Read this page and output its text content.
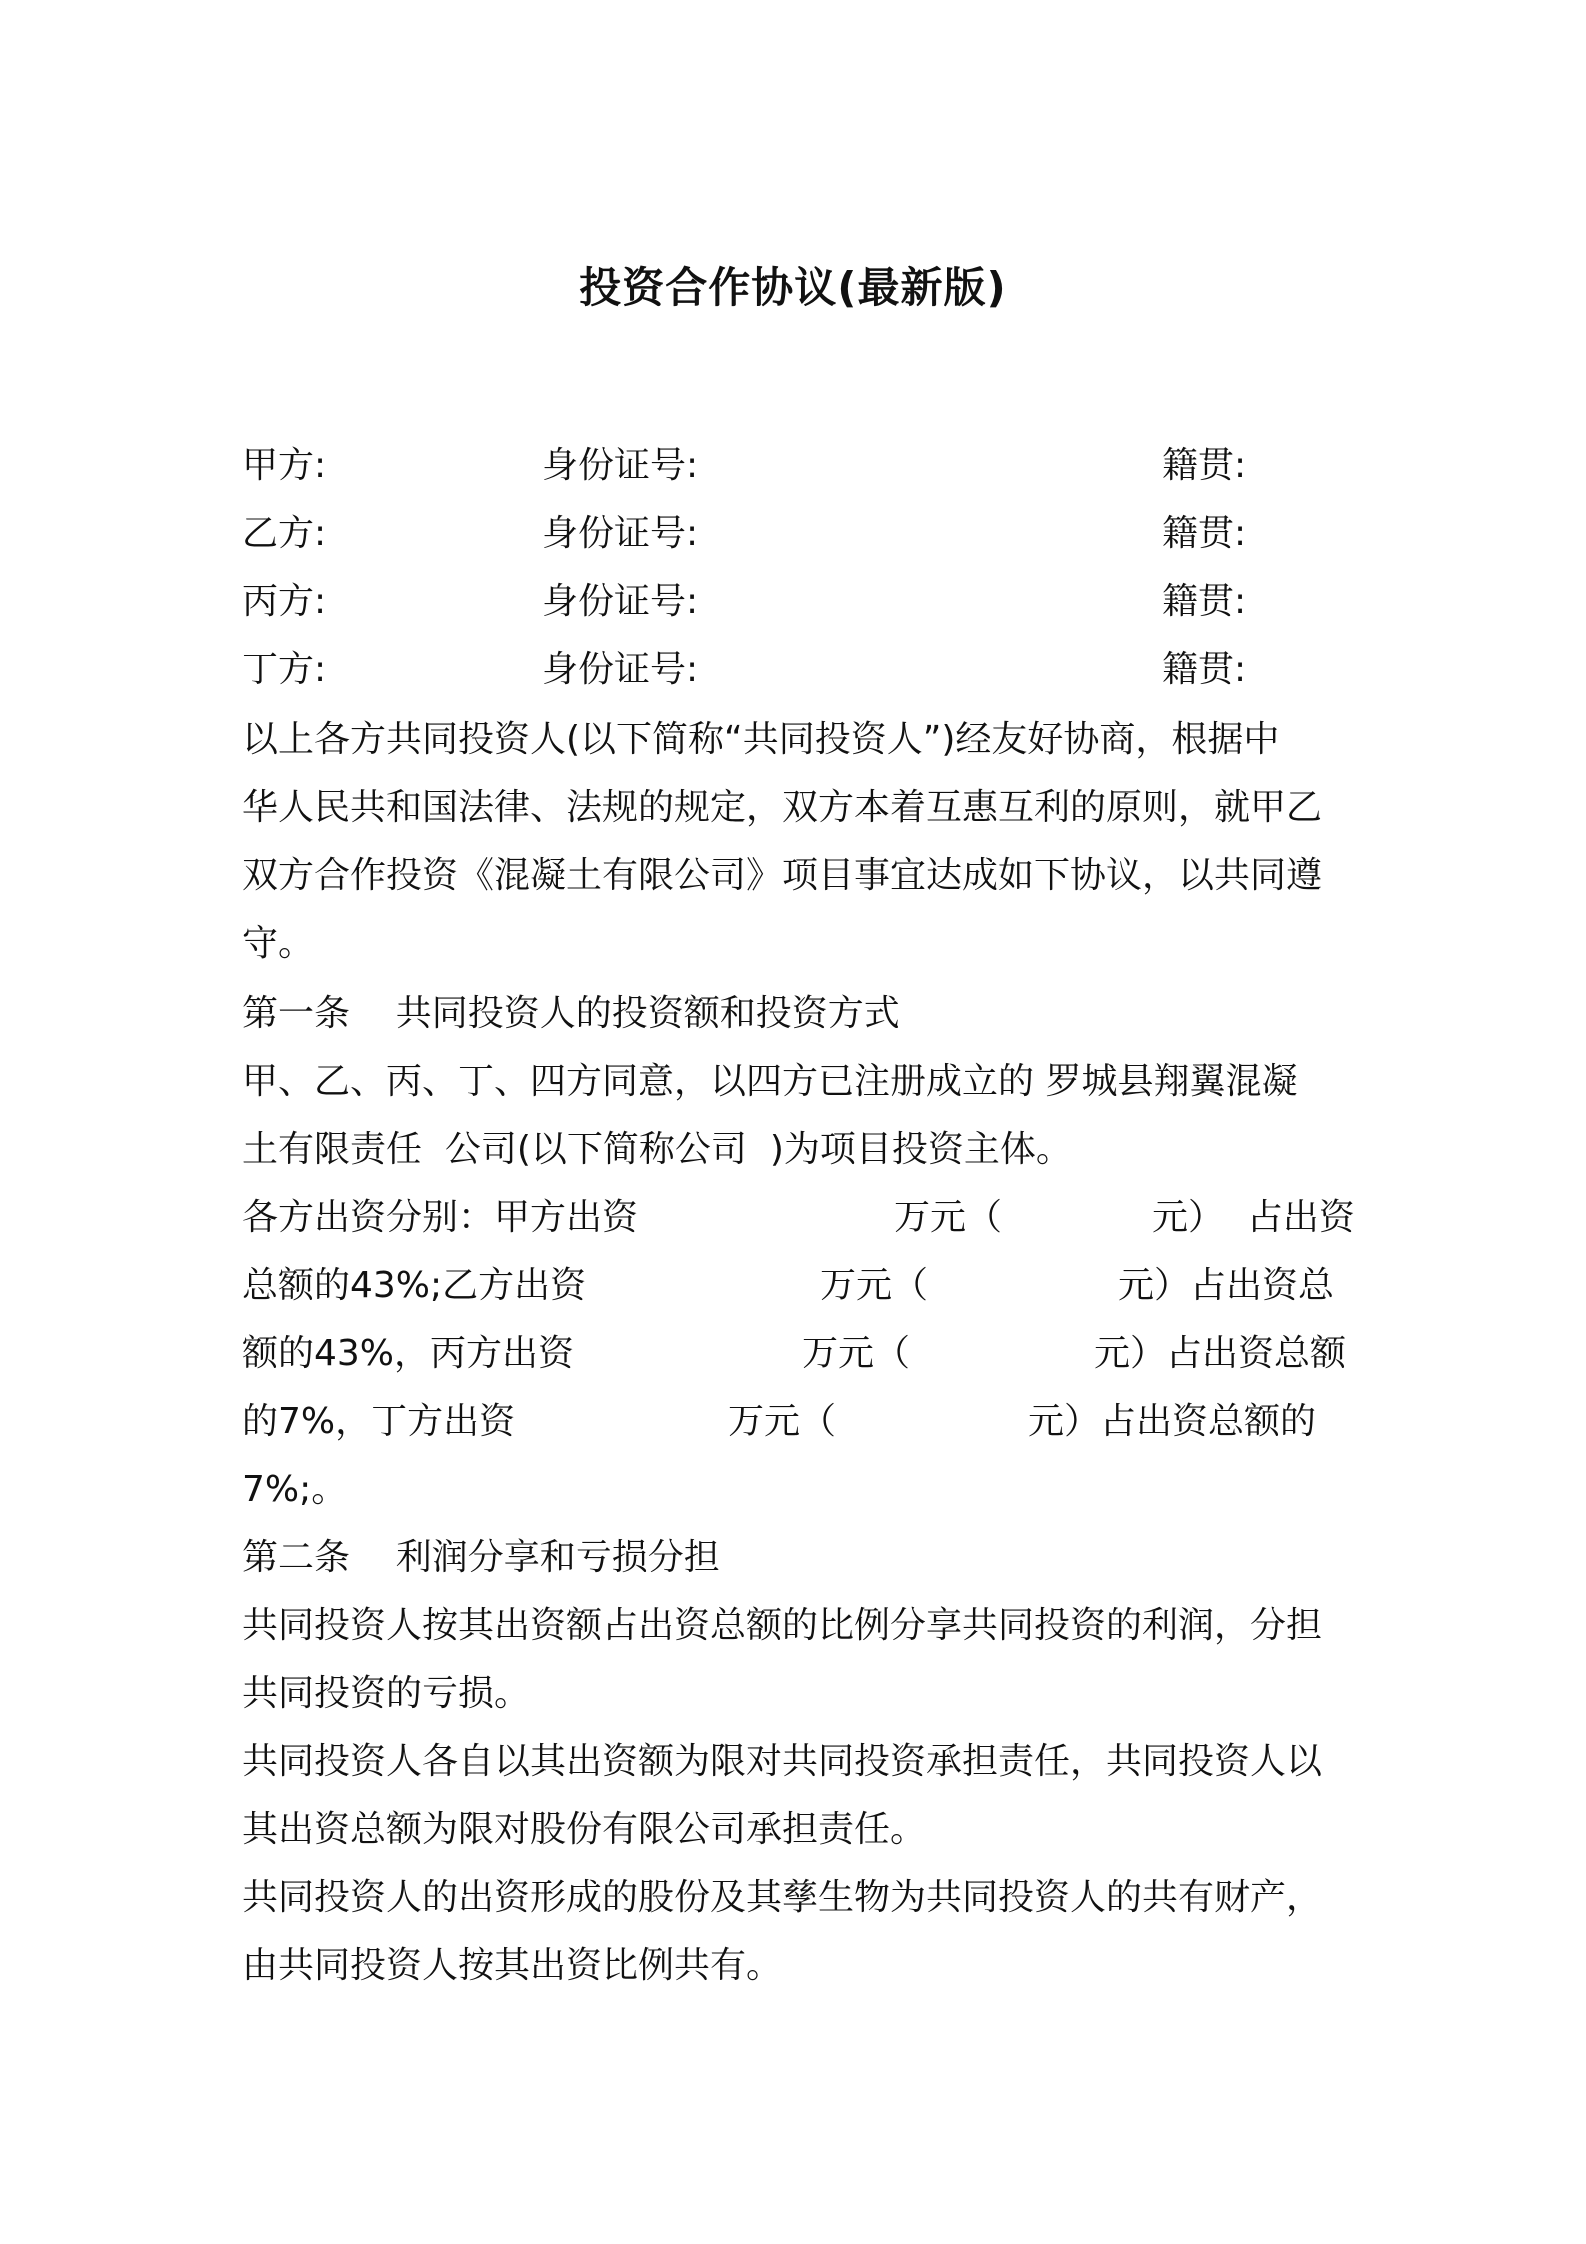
投资合作协议(最新版)
甲方:	身份证号:	籍贯:
乙方:	身份证号:	籍贯:
丙方:	身份证号:	籍贯:
丁方:	身份证号:	籍贯:
以上各方共同投资人(以下简称“共同投资人”)经友好协商，根据中
华人民共和国法律、法规的规定，双方本着互惠互利的原则，就甲乙
双方合作投资《混凝土有限公司》项目事宜达成如下协议，以共同遵
守。
第一条    共同投资人的投资额和投资方式
甲、乙、丙、丁、四方同意，以四方已注册成立的 罗城县翔翼混凝
土有限责任  公司(以下简称公司  )为项目投资主体。
各方出资分别：甲方出资	万元（	元）  占出资
总额的43%;乙方出资	万元（	元）占出资总
额的43%，丙方出资	万元（	元）占出资总额
的7%，丁方出资	万元（	元）占出资总额的
7%;。
第二条    利润分享和亏损分担
共同投资人按其出资额占出资总额的比例分享共同投资的利润，分担
共同投资的亏损。
共同投资人各自以其出资额为限对共同投资承担责任，共同投资人以
其出资总额为限对股份有限公司承担责任。
共同投资人的出资形成的股份及其孳生物为共同投资人的共有财产，
由共同投资人按其出资比例共有。
